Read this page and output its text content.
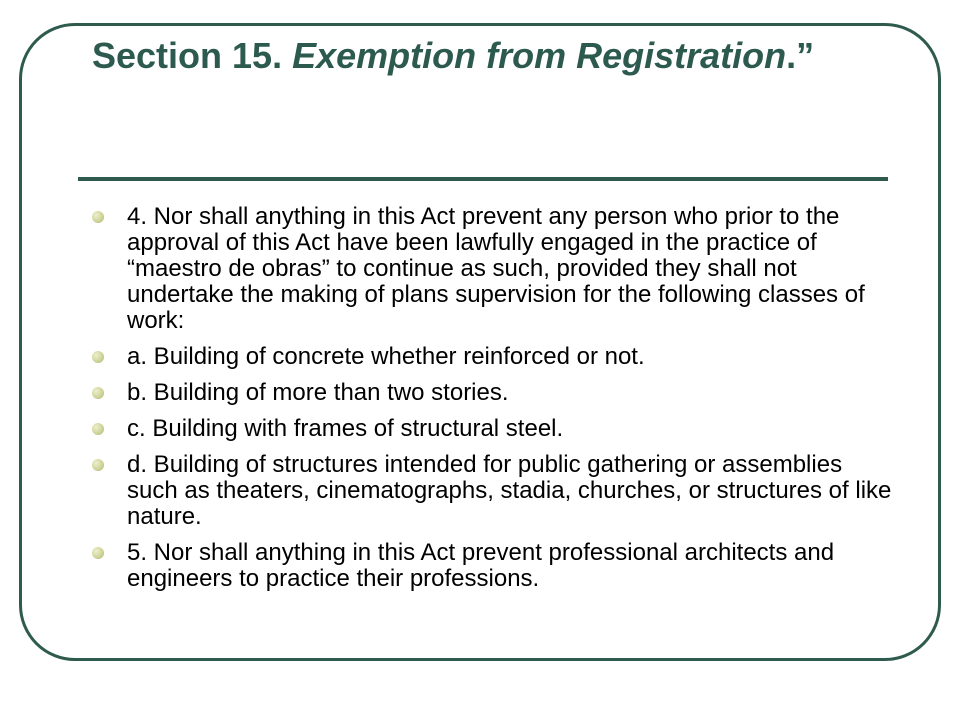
Section 15. Exemption from Registration.”
4. Nor shall anything in this Act prevent any person who prior to the approval of this Act have been lawfully engaged in the practice of “maestro de obras” to continue as such, provided they shall not undertake the making of plans supervision for the following classes of work:
a. Building of concrete whether reinforced or not.
b. Building of more than two stories.
c. Building with frames of structural steel.
d. Building of structures intended for public gathering or assemblies such as theaters, cinematographs, stadia, churches, or structures of like nature.
5. Nor shall anything in this Act prevent professional architects and engineers to practice their professions.
